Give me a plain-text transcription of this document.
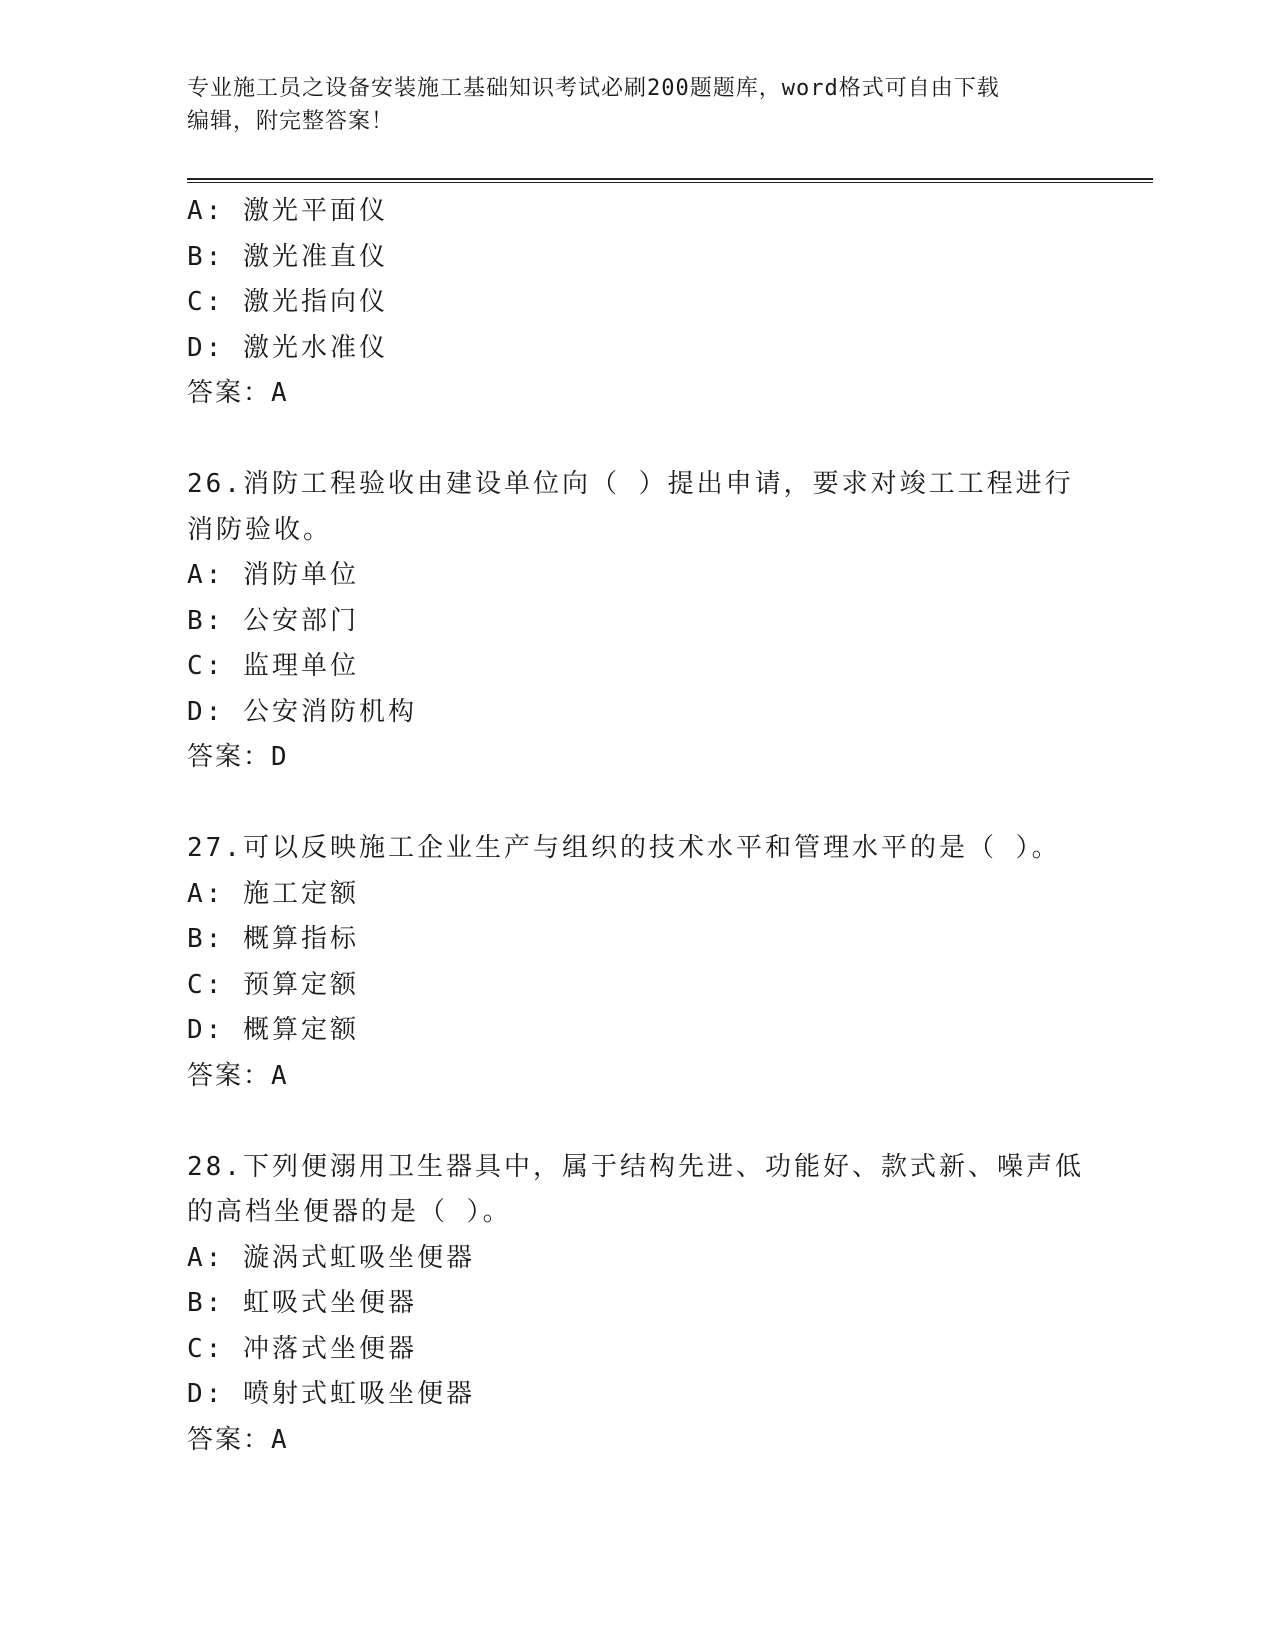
专业施工员之设备安装施工基础知识考试必刷200题题库，word格式可自由下载
编辑，附完整答案！
A: 激光平面仪
B: 激光准直仪
C: 激光指向仪
D: 激光水准仪
答案：A
26.消防工程验收由建设单位向（ ）提出申请，要求对竣工工程进行
消防验收。
A: 消防单位
B: 公安部门
C: 监理单位
D: 公安消防机构
答案：D
27.可以反映施工企业生产与组织的技术水平和管理水平的是（ ）。
A: 施工定额
B: 概算指标
C: 预算定额
D: 概算定额
答案：A
28.下列便溺用卫生器具中，属于结构先进、功能好、款式新、噪声低
的高档坐便器的是（ ）。
A: 漩涡式虹吸坐便器
B: 虹吸式坐便器
C: 冲落式坐便器
D: 喷射式虹吸坐便器
答案：A
